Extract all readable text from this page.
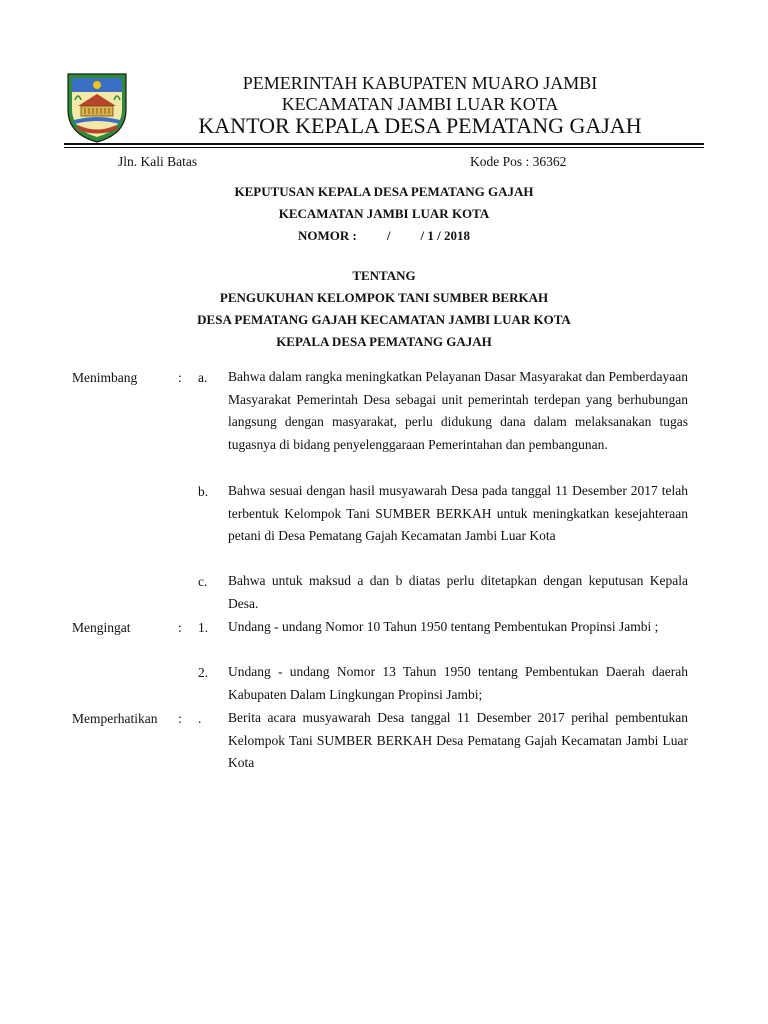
PEMERINTAH KABUPATEN MUARO JAMBI
KECAMATAN JAMBI LUAR KOTA
KANTOR KEPALA DESA PEMATANG GAJAH
Jln. Kali Batas	Kode Pos : 36362
KEPUTUSAN KEPALA DESA PEMATANG GAJAH
KECAMATAN JAMBI LUAR KOTA
NOMOR : / / 1 / 2018
TENTANG
PENGUKUHAN KELOMPOK TANI SUMBER BERKAH
DESA PEMATANG GAJAH KECAMATAN JAMBI LUAR KOTA
KEPALA DESA PEMATANG GAJAH
Menimbang	: a. Bahwa dalam rangka meningkatkan Pelayanan Dasar Masyarakat dan Pemberdayaan Masyarakat Pemerintah Desa sebagai unit pemerintah terdepan yang berhubungan langsung dengan masyarakat, perlu didukung dana dalam melaksanakan tugas tugasnya di bidang penyelenggaraan Pemerintahan dan pembangunan.
b. Bahwa sesuai dengan hasil musyawarah Desa pada tanggal 11 Desember 2017 telah terbentuk Kelompok Tani SUMBER BERKAH untuk meningkatkan kesejahteraan petani di Desa Pematang Gajah Kecamatan Jambi Luar Kota
c. Bahwa untuk maksud a dan b diatas perlu ditetapkan dengan keputusan Kepala Desa.
Mengingat	: 1. Undang - undang Nomor 10 Tahun 1950 tentang Pembentukan Propinsi Jambi ;
2. Undang - undang Nomor 13 Tahun 1950 tentang Pembentukan Daerah daerah Kabupaten Dalam Lingkungan Propinsi Jambi;
Memperhatikan : . Berita acara musyawarah Desa tanggal 11 Desember 2017 perihal pembentukan Kelompok Tani SUMBER BERKAH Desa Pematang Gajah Kecamatan Jambi Luar Kota
